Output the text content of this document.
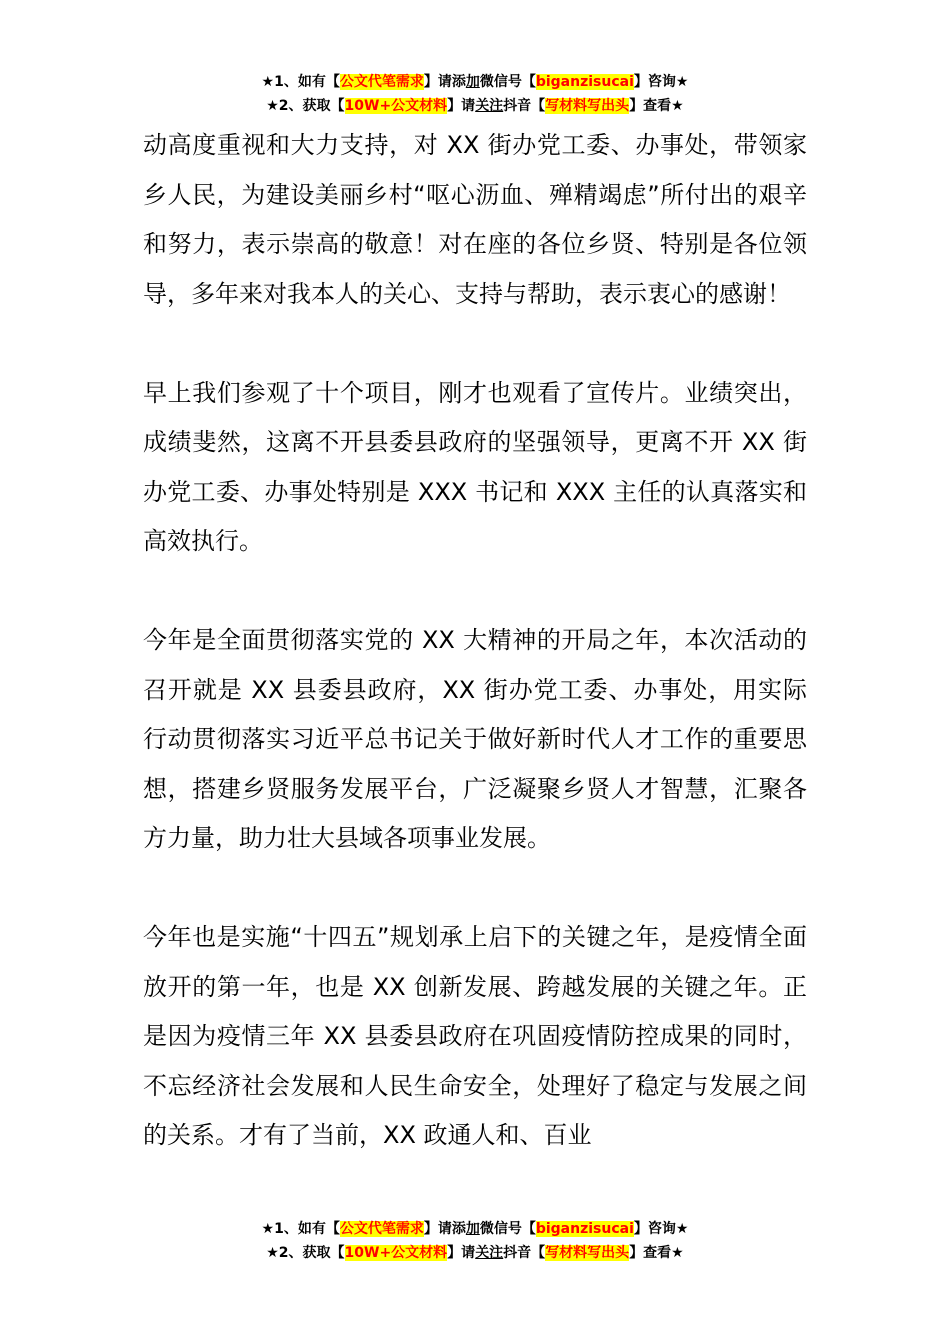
★1、如有【公文代笔需求】请添加微信号【biganzisucai】咨询★
★2、获取【10W+公文材料】请关注抖音【写材料写出头】查看★

动高度重视和大力支持，对 XX 街办党工委、办事处，带领家乡人民，为建设美丽乡村“呕心沥血、殚精竭虑”所付出的艰辛和努力，表示崇高的敬意！对在座的各位乡贤、特别是各位领导，多年来对我本人的关心、支持与帮助，表示衷心的感谢！

早上我们参观了十个项目，刚才也观看了宣传片。业绩突出，成绩斐然，这离不开县委县政府的坚强领导，更离不开 XX 街办党工委、办事处特别是 XXX 书记和 XXX 主任的认真落实和高效执行。

今年是全面贯彻落实党的 XX 大精神的开局之年，本次活动的召开就是 XX 县委县政府，XX 街办党工委、办事处，用实际行动贯彻落实习近平总书记关于做好新时代人才工作的重要思想，搭建乡贤服务发展平台，广泛凝聚乡贤人才智慧，汇聚各方力量，助力壮大县域各项事业发展。

今年也是实施“十四五”规划承上启下的关键之年，是疫情全面放开的第一年，也是 XX 创新发展、跨越发展的关键之年。正是因为疫情三年 XX 县委县政府在巩固疫情防控成果的同时，不忘经济社会发展和人民生命安全，处理好了稳定与发展之间的关系。才有了当前，XX 政通人和、百业

★1、如有【公文代笔需求】请添加微信号【biganzisucai】咨询★
★2、获取【10W+公文材料】请关注抖音【写材料写出头】查看★
